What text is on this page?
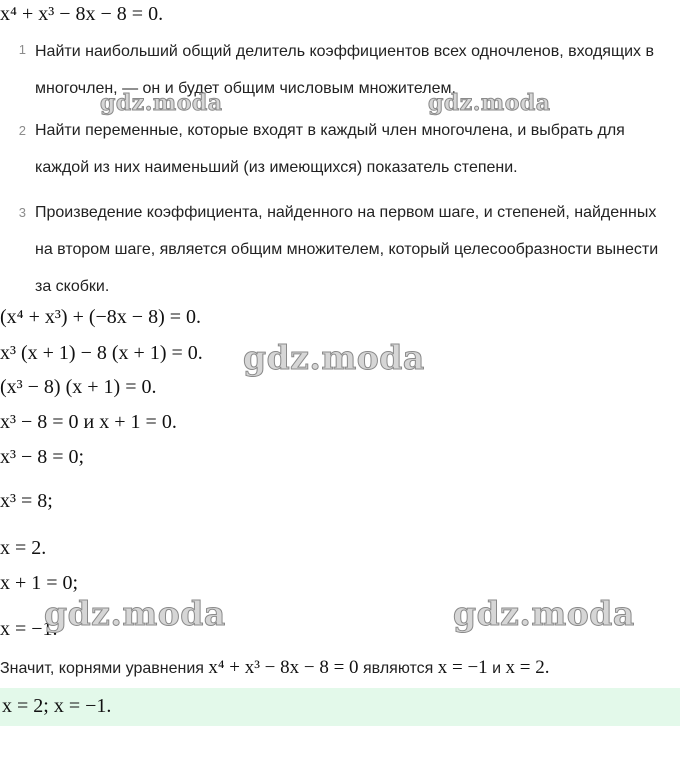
x⁴ + x³ − 8x − 8 = 0.
1 Найти наибольший общий делитель коэффициентов всех одночленов, входящих в многочлен, — он и будет общим числовым множителем.
2 Найти переменные, которые входят в каждый член многочлена, и выбрать для каждой из них наименьший (из имеющихся) показатель степени.
3 Произведение коэффициента, найденного на первом шаге, и степеней, найденных на втором шаге, является общим множителем, который целесообразности вынести за скобки.
(x⁴ + x³) + (−8x − 8) = 0.
x³ (x + 1) − 8 (x + 1) = 0.
(x³ − 8) (x + 1) = 0.
x³ − 8 = 0 и x + 1 = 0.
x³ − 8 = 0;
x³ = 8;
x = 2.
x + 1 = 0;
x = −1.
Значит, корнями уравнения x⁴ + x³ − 8x − 8 = 0 являются x = −1 и x = 2.
x = 2; x = −1.
gdz.moda	gdz.moda
gdz.moda
gdz.moda	gdz.moda
